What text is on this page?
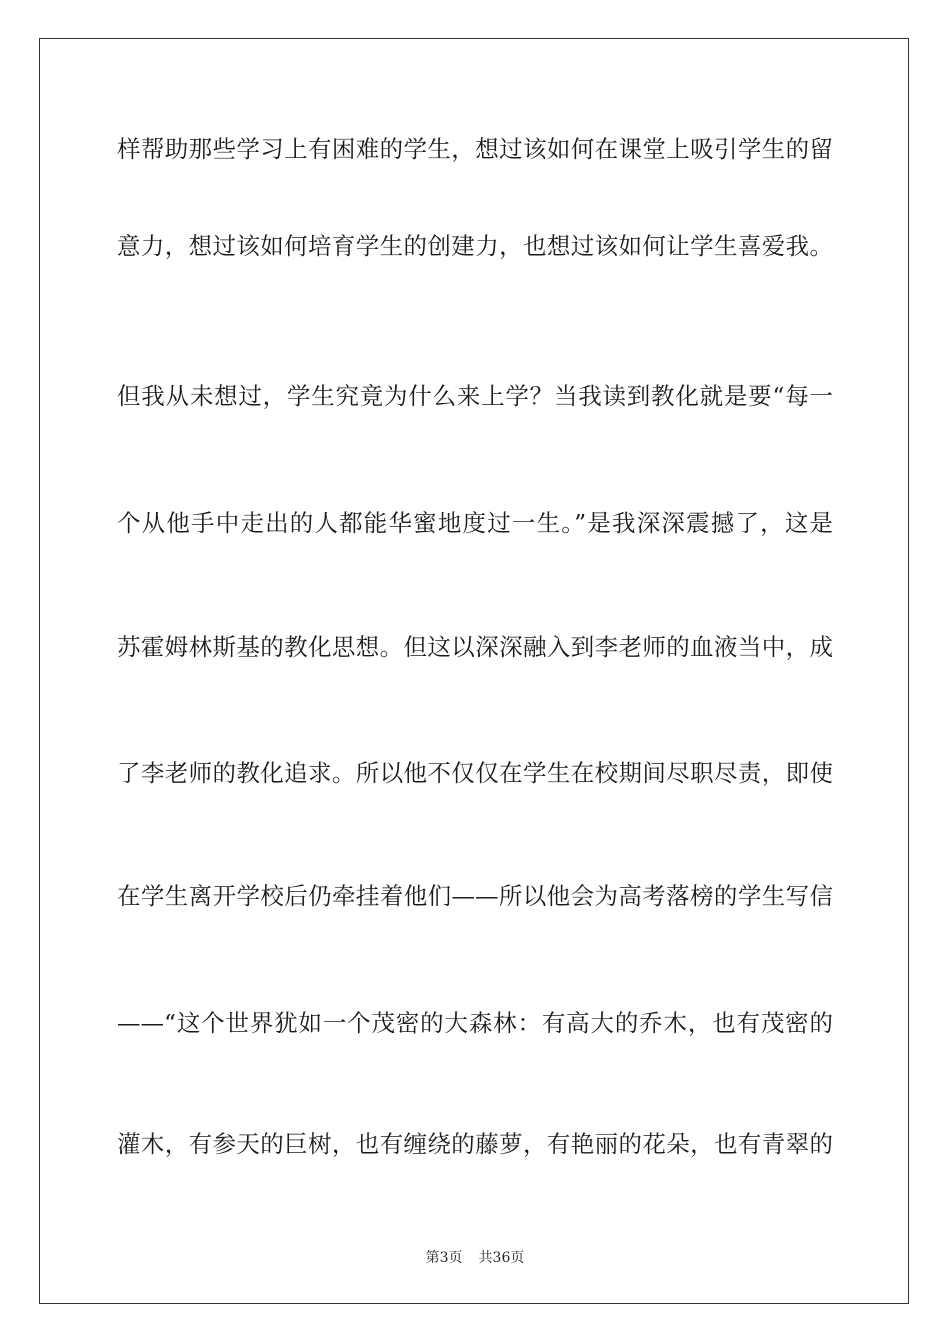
样帮助那些学习上有困难的学生，想过该如何在课堂上吸引学生的留
意力，想过该如何培育学生的创建力，也想过该如何让学生喜爱我。
但我从未想过，学生究竟为什么来上学？当我读到教化就是要“每一
个从他手中走出的人都能华蜜地度过一生。”是我深深震撼了，这是
苏霍姆林斯基的教化思想。但这以深深融入到李老师的血液当中，成
了李老师的教化追求。所以他不仅仅在学生在校期间尽职尽责，即使
在学生离开学校后仍牵挂着他们——所以他会为高考落榜的学生写信
——“这个世界犹如一个茂密的大森林：有高大的乔木，也有茂密的
灌木，有参天的巨树，也有缠绕的藤萝，有艳丽的花朵，也有青翠的
第3页 共36页
